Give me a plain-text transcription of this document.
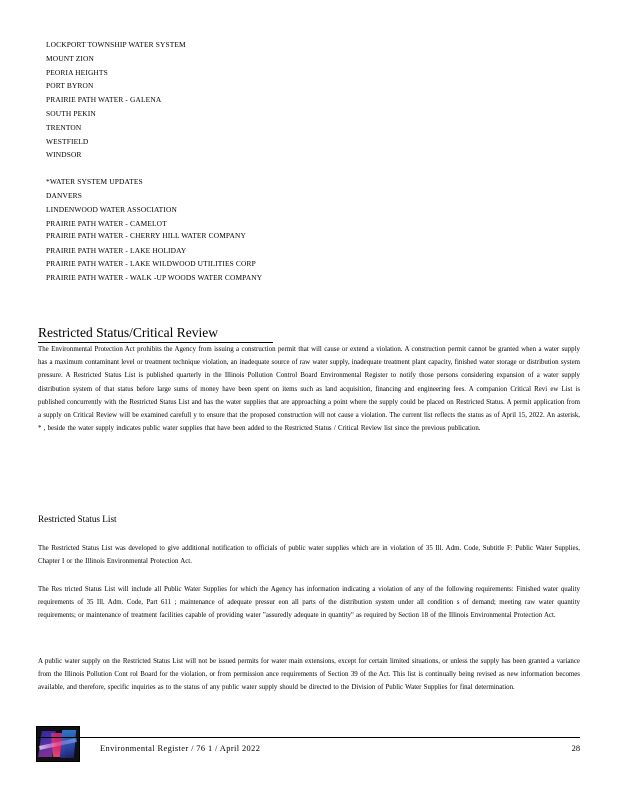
LOCKPORT TOWNSHIP WATER SYSTEM
MOUNT ZION
PEORIA HEIGHTS
PORT BYRON
PRAIRIE PATH WATER - GALENA
SOUTH PEKIN
TRENTON
WESTFIELD
WINDSOR
*WATER SYSTEM UPDATES
DANVERS
LINDENWOOD WATER ASSOCIATION
PRAIRIE PATH WATER - CAMELOT
PRAIRIE PATH WATER - CHERRY HILL WATER COMPANY
PRAIRIE PATH WATER - LAKE HOLIDAY
PRAIRIE PATH WATER - LAKE WILDWOOD UTILITIES CORP
PRAIRIE PATH WATER - WALK -UP WOODS WATER COMPANY
Restricted Status/Critical Review
The Environmental Protection Act prohibits the Agency from issuing a construction permit that will cause or extend a violation. A construction permit cannot be granted when a water supply has a maximum contaminant level or treatment technique violation, an inadequate source of raw water supply, inadequate treatment plant capacity, finished water storage or distribution system pressure. A Restricted Status List is published quarterly in the Illinois Pollution Control Board Environmental Register to notify those persons considering expansion of a water supply distribution system of that status before large sums of money have been spent on items such as land acquisition, financing and engineering fees. A companion Critical Revi ew List is published concurrently with the Restricted Status List and has the water supplies that are approaching a point where the supply could be placed on Restricted Status. A permit application from a supply on Critical Review will be examined carefull y to ensure that the proposed construction will not cause a violation. The current list reflects the status as of April 15, 2022. An asterisk, * , beside the water supply indicates public water supplies that have been added to the Restricted Status / Critical Review list since the previous publication.
Restricted Status List
The Restricted Status List was developed to give additional notification to officials of public water supplies which are in violation of 35 Ill. Adm. Code, Subtitle F: Public Water Supplies, Chapter I or the Illinois Environmental Protection Act.
The Res tricted Status List will include all Public Water Supplies for which the Agency has information indicating a violation of any of the following requirements: Finished water quality requirements of 35 Ill. Adm. Code, Part 611 ; maintenance of adequate pressur eon all parts of the distribution system under all condition s of demand; meeting raw water quantity requirements; or maintenance of treatment facilities capable of providing water "assuredly adequate in quantity" as required by Section 18 of the Illinois Environmental Protection Act.
A public water supply on the Restricted Status List will not be issued permits for water main extensions, except for certain limited situations, or unless the supply has been granted a variance from the Illinois Pollution Cont rol Board for the violation, or from permission ance requirements of Section 39 of the Act. This list is continually being revised as new information becomes available, and therefore, specific inquiries as to the status of any public water supply should be directed to the Division of Public Water Supplies for final determination.
Environmental Register / 76 1 / April 2022	28
